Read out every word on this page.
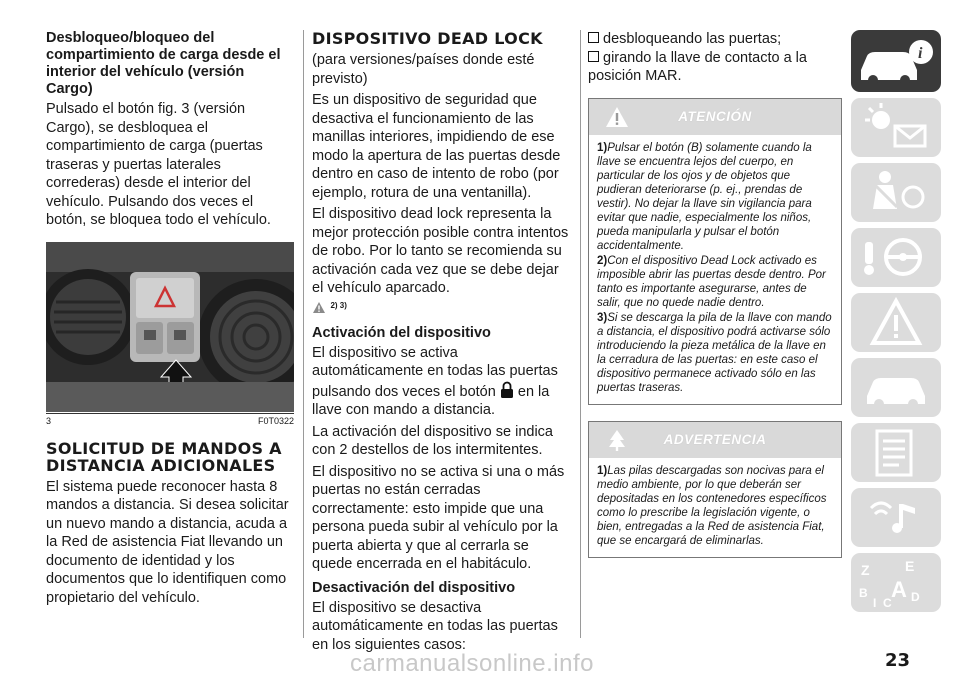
Desbloqueo/bloqueo del compartimiento de carga desde el interior del vehículo (versión Cargo)

Pulsado el botón fig. 3 (versión Cargo), se desbloquea el compartimiento de carga (puertas traseras y puertas laterales correderas) desde el interior del vehículo. Pulsando dos veces el botón, se bloquea todo el vehículo.

3	F0T0322
SOLICITUD DE MANDOS A DISTANCIA ADICIONALES

El sistema puede reconocer hasta 8 mandos a distancia. Si desea solicitar un nuevo mando a distancia, acuda a la Red de asistencia Fiat llevando un documento de identidad y los documentos que lo identifiquen como propietario del vehículo.

DISPOSITIVO DEAD LOCK

(para versiones/países donde esté previsto)

Es un dispositivo de seguridad que desactiva el funcionamiento de las manillas interiores, impidiendo de ese modo la apertura de las puertas desde dentro en caso de intento de robo (por ejemplo, rotura de una ventanilla).

El dispositivo dead lock representa la mejor protección posible contra intentos de robo. Por lo tanto se recomienda su activación cada vez que se debe dejar el vehículo aparcado.

$^{2) 3)}$
Activación del dispositivo

El dispositivo se activa automáticamente en todas las puertas pulsando dos veces el botón en la llave con mando a distancia.

La activación del dispositivo se indica con 2 destellos de los intermitentes.

El dispositivo no se activa si una o más puertas no están cerradas correctamente: esto impide que una persona pueda subir al vehículo por la puerta abierta y que al cerrarla se quede encerrada en el habitáculo.

Desactivación del dispositivo

El dispositivo se desactiva automáticamente en todas las puertas en los siguientes casos:

desbloqueando las puertas;
girando la llave de contacto a la posición MAR.
ATENCIÓN
1)Pulsar el botón (B) solamente cuando la llave se encuentra lejos del cuerpo, en particular de los ojos y de objetos que pudieran deteriorarse (p. ej., prendas de vestir). No dejar la llave sin vigilancia para evitar que nadie, especialmente los niños, pueda manipularla y pulsar el botón accidentalmente.
2)Con el dispositivo Dead Lock activado es imposible abrir las puertas desde dentro. Por tanto es importante asegurarse, antes de salir, que no quede nadie dentro.
3)Si se descarga la pila de la llave con mando a distancia, el dispositivo podrá activarse sólo introduciendo la pieza metálica de la llave en la cerradura de las puertas: en este caso el dispositivo permanece activado sólo en las puertas traseras.
ADVERTENCIA
1)Las pilas descargadas son nocivas para el medio ambiente, por lo que deberán ser depositadas en los contenedores específicos como lo prescribe la legislación vigente, o bien, entregadas a la Red de asistencia Fiat, que se encargará de eliminarlas.
i
Z	E
B A
I C D
23
carmanualsonline.info
